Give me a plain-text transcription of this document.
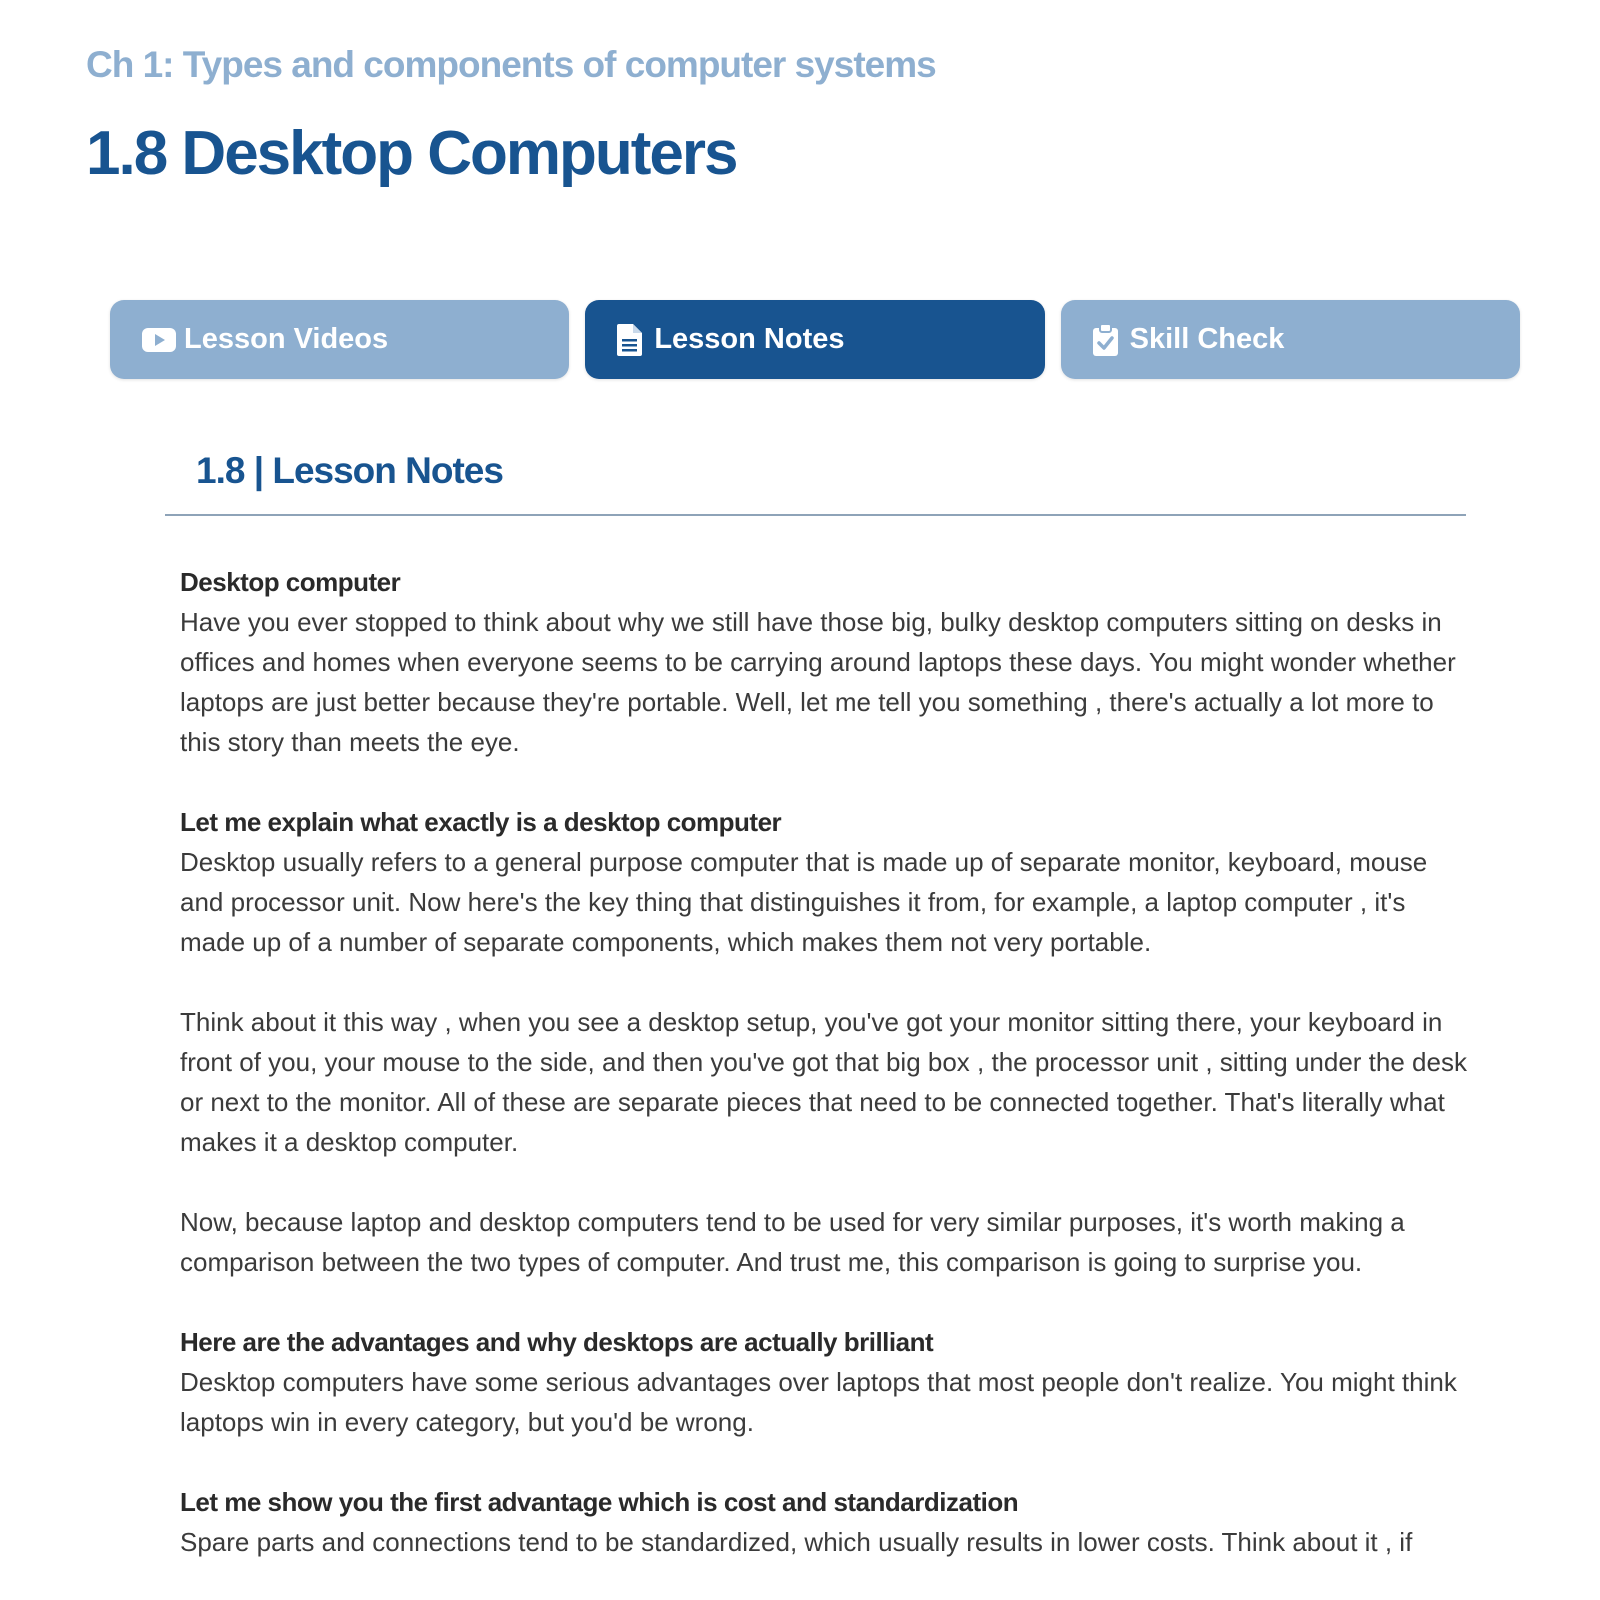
Ch 1: Types and components of computer systems
1.8 Desktop Computers
Lesson Videos	Lesson Notes	Skill Check
1.8 | Lesson Notes

Desktop computer
Have you ever stopped to think about why we still have those big, bulky desktop computers sitting on desks in offices and homes when everyone seems to be carrying around laptops these days. You might wonder whether laptops are just better because they're portable. Well, let me tell you something , there's actually a lot more to this story than meets the eye.

Let me explain what exactly is a desktop computer
Desktop usually refers to a general purpose computer that is made up of separate monitor, keyboard, mouse and processor unit. Now here's the key thing that distinguishes it from, for example, a laptop computer , it's made up of a number of separate components, which makes them not very portable.

Think about it this way , when you see a desktop setup, you've got your monitor sitting there, your keyboard in front of you, your mouse to the side, and then you've got that big box , the processor unit , sitting under the desk or next to the monitor. All of these are separate pieces that need to be connected together. That's literally what makes it a desktop computer.

Now, because laptop and desktop computers tend to be used for very similar purposes, it's worth making a comparison between the two types of computer. And trust me, this comparison is going to surprise you.

Here are the advantages and why desktops are actually brilliant
Desktop computers have some serious advantages over laptops that most people don't realize. You might think laptops win in every category, but you'd be wrong.

Let me show you the first advantage which is cost and standardization
Spare parts and connections tend to be standardized, which usually results in lower costs. Think about it , if
